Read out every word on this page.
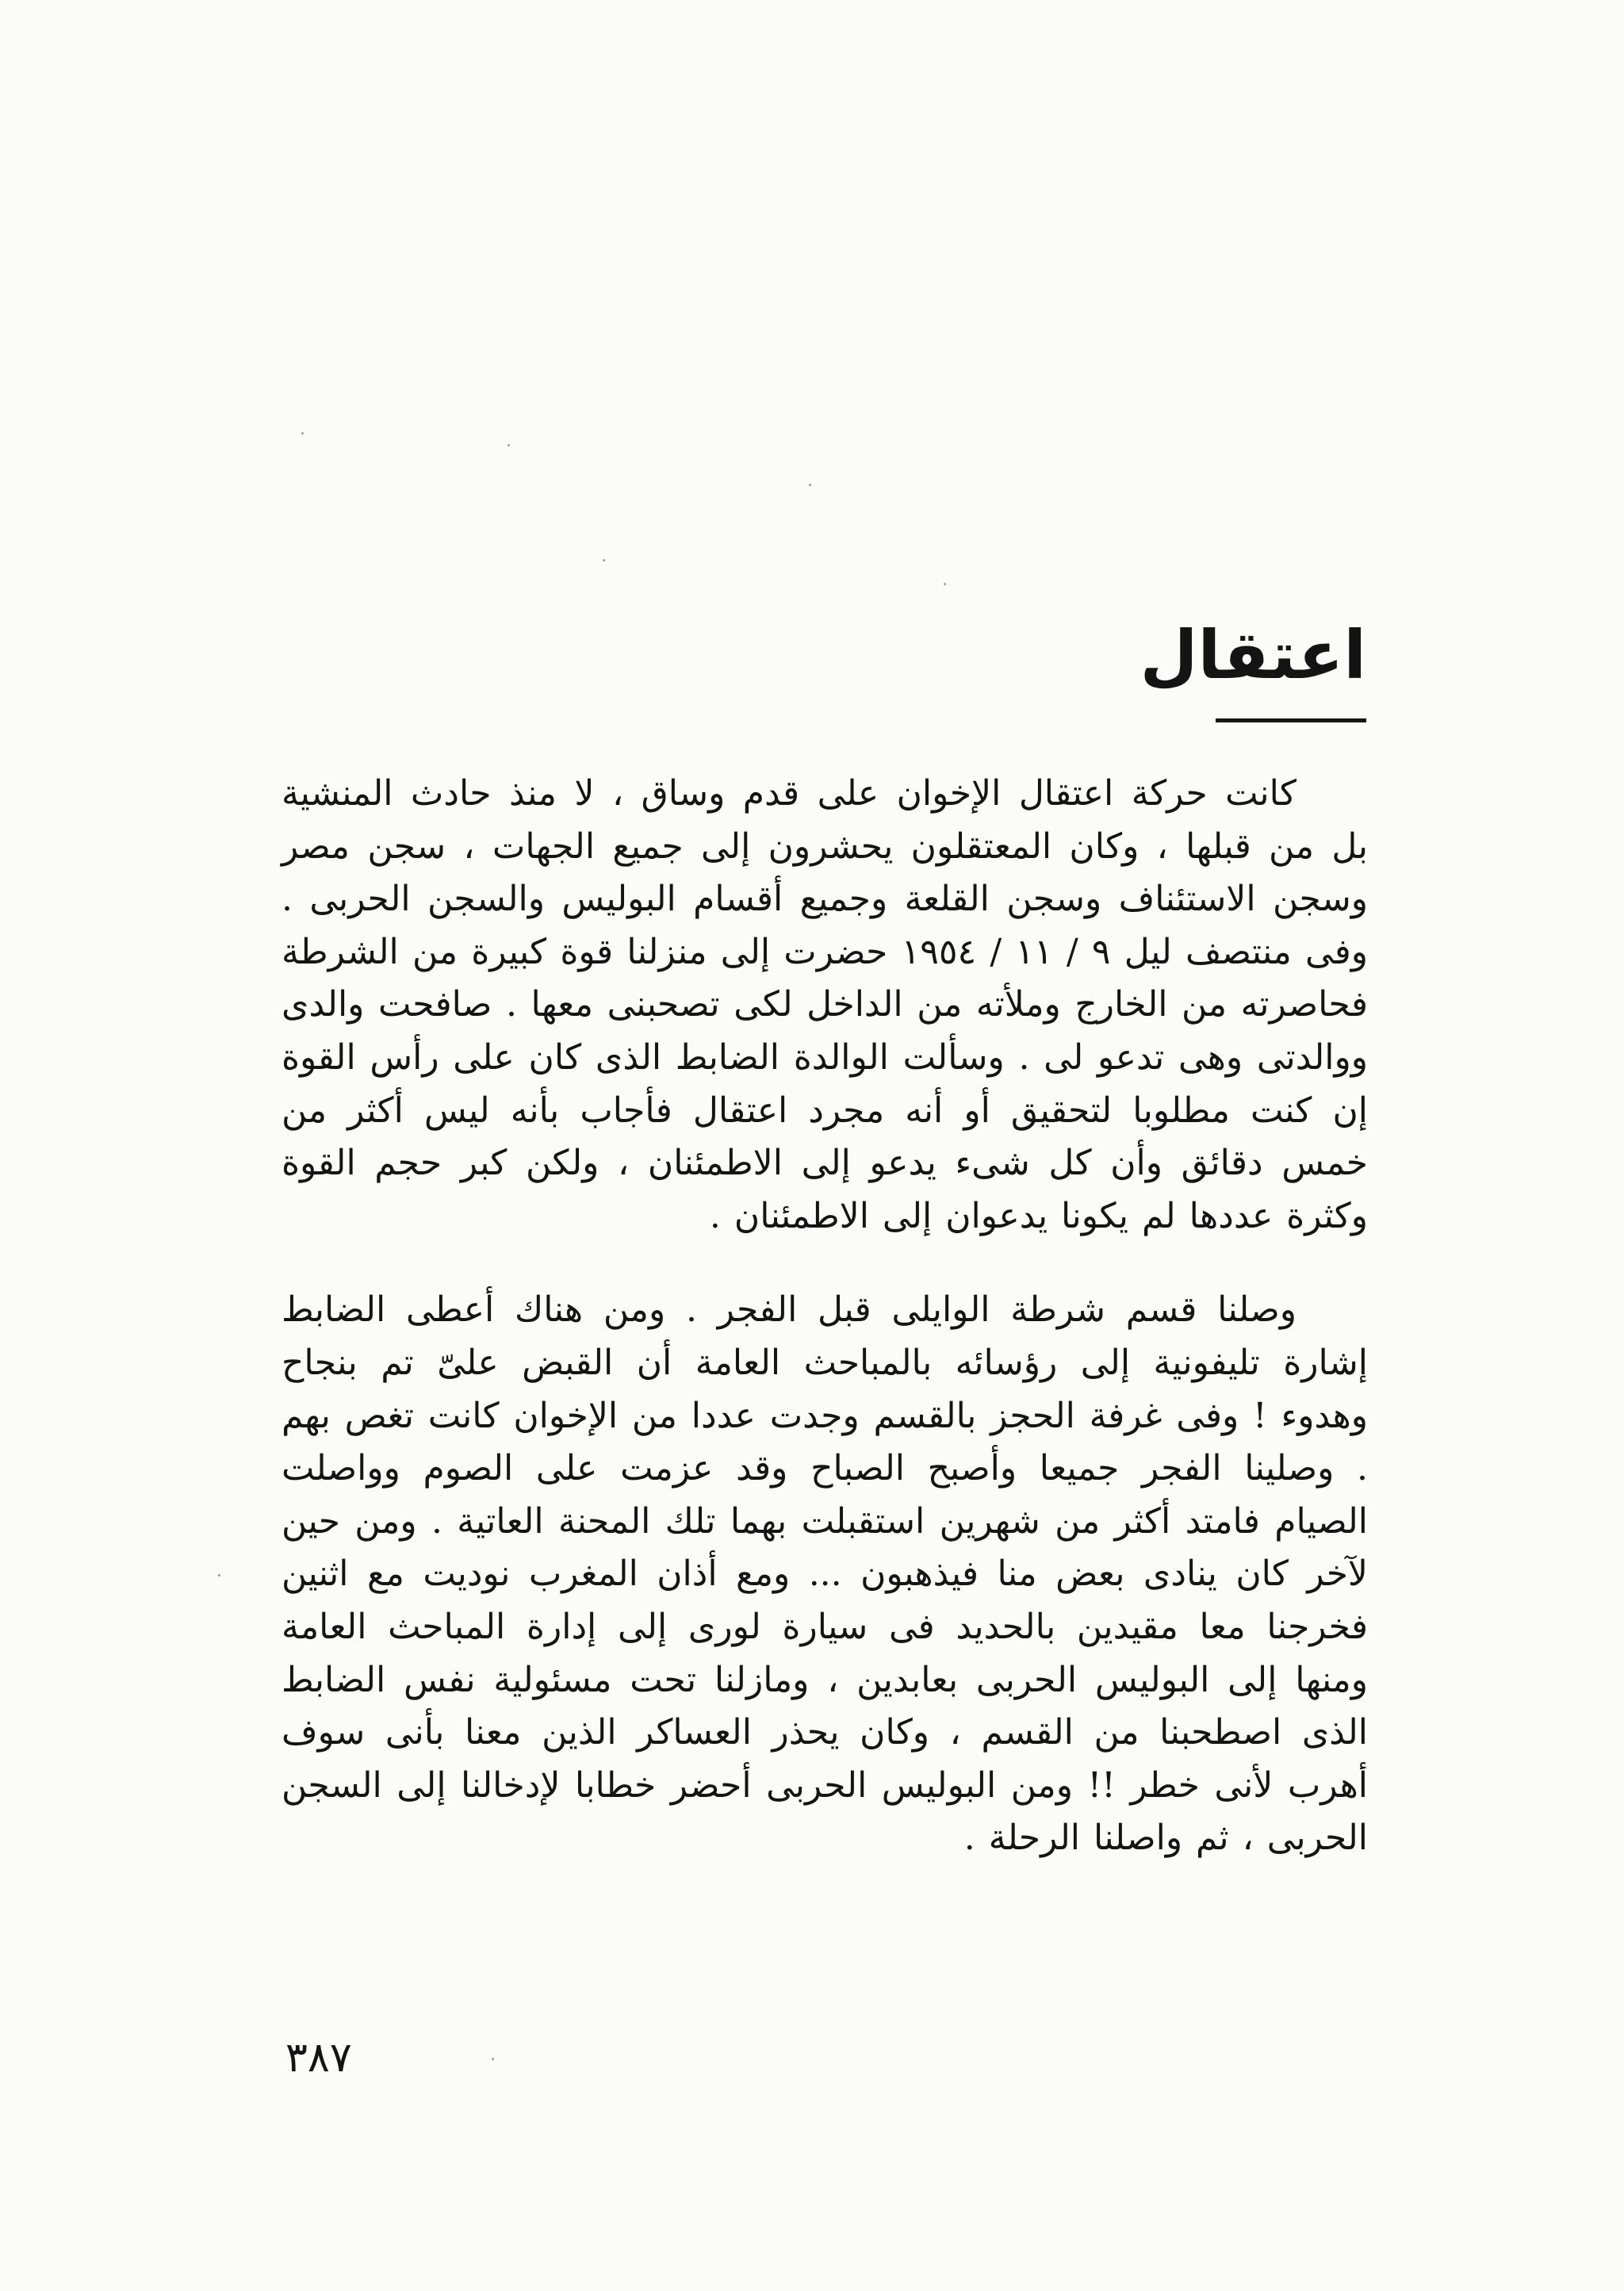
اعتقال

كانت حركة اعتقال الإخوان على قدم وساق ، لا منذ حادث المنشية بل من قبلها ، وكان المعتقلون يحشرون إلى جميع الجهات ، سجن مصر وسجن الاستئناف وسجن القلعة وجميع أقسام البوليس والسجن الحربى . وفى منتصف ليل ٩ / ١١ / ١٩٥٤ حضرت إلى منزلنا قوة كبيرة من الشرطة فحاصرته من الخارج وملأته من الداخل لكى تصحبنى معها . صافحت والدى ووالدتى وهى تدعو لى . وسألت الوالدة الضابط الذى كان على رأس القوة إن كنت مطلوبا لتحقيق أو أنه مجرد اعتقال فأجاب بأنه ليس أكثر من خمس دقائق وأن كل شىء يدعو إلى الاطمئنان ، ولكن كبر حجم القوة وكثرة عددها لم يكونا يدعوان إلى الاطمئنان .

وصلنا قسم شرطة الوايلى قبل الفجر . ومن هناك أعطى الضابط إشارة تليفونية إلى رؤسائه بالمباحث العامة أن القبض علىّ تم بنجاح وهدوء ! وفى غرفة الحجز بالقسم وجدت عددا من الإخوان كانت تغص بهم . وصلينا الفجر جميعا وأصبح الصباح وقد عزمت على الصوم وواصلت الصيام فامتد أكثر من شهرين استقبلت بهما تلك المحنة العاتية . ومن حين لآخر كان ينادى بعض منا فيذهبون ... ومع أذان المغرب نوديت مع اثنين فخرجنا معا مقيدين بالحديد فى سيارة لورى إلى إدارة المباحث العامة ومنها إلى البوليس الحربى بعابدين ، ومازلنا تحت مسئولية نفس الضابط الذى اصطحبنا من القسم ، وكان يحذر العساكر الذين معنا بأنى سوف أهرب لأنى خطر !! ومن البوليس الحربى أحضر خطابا لإدخالنا إلى السجن الحربى ، ثم واصلنا الرحلة .

٣٨٧
